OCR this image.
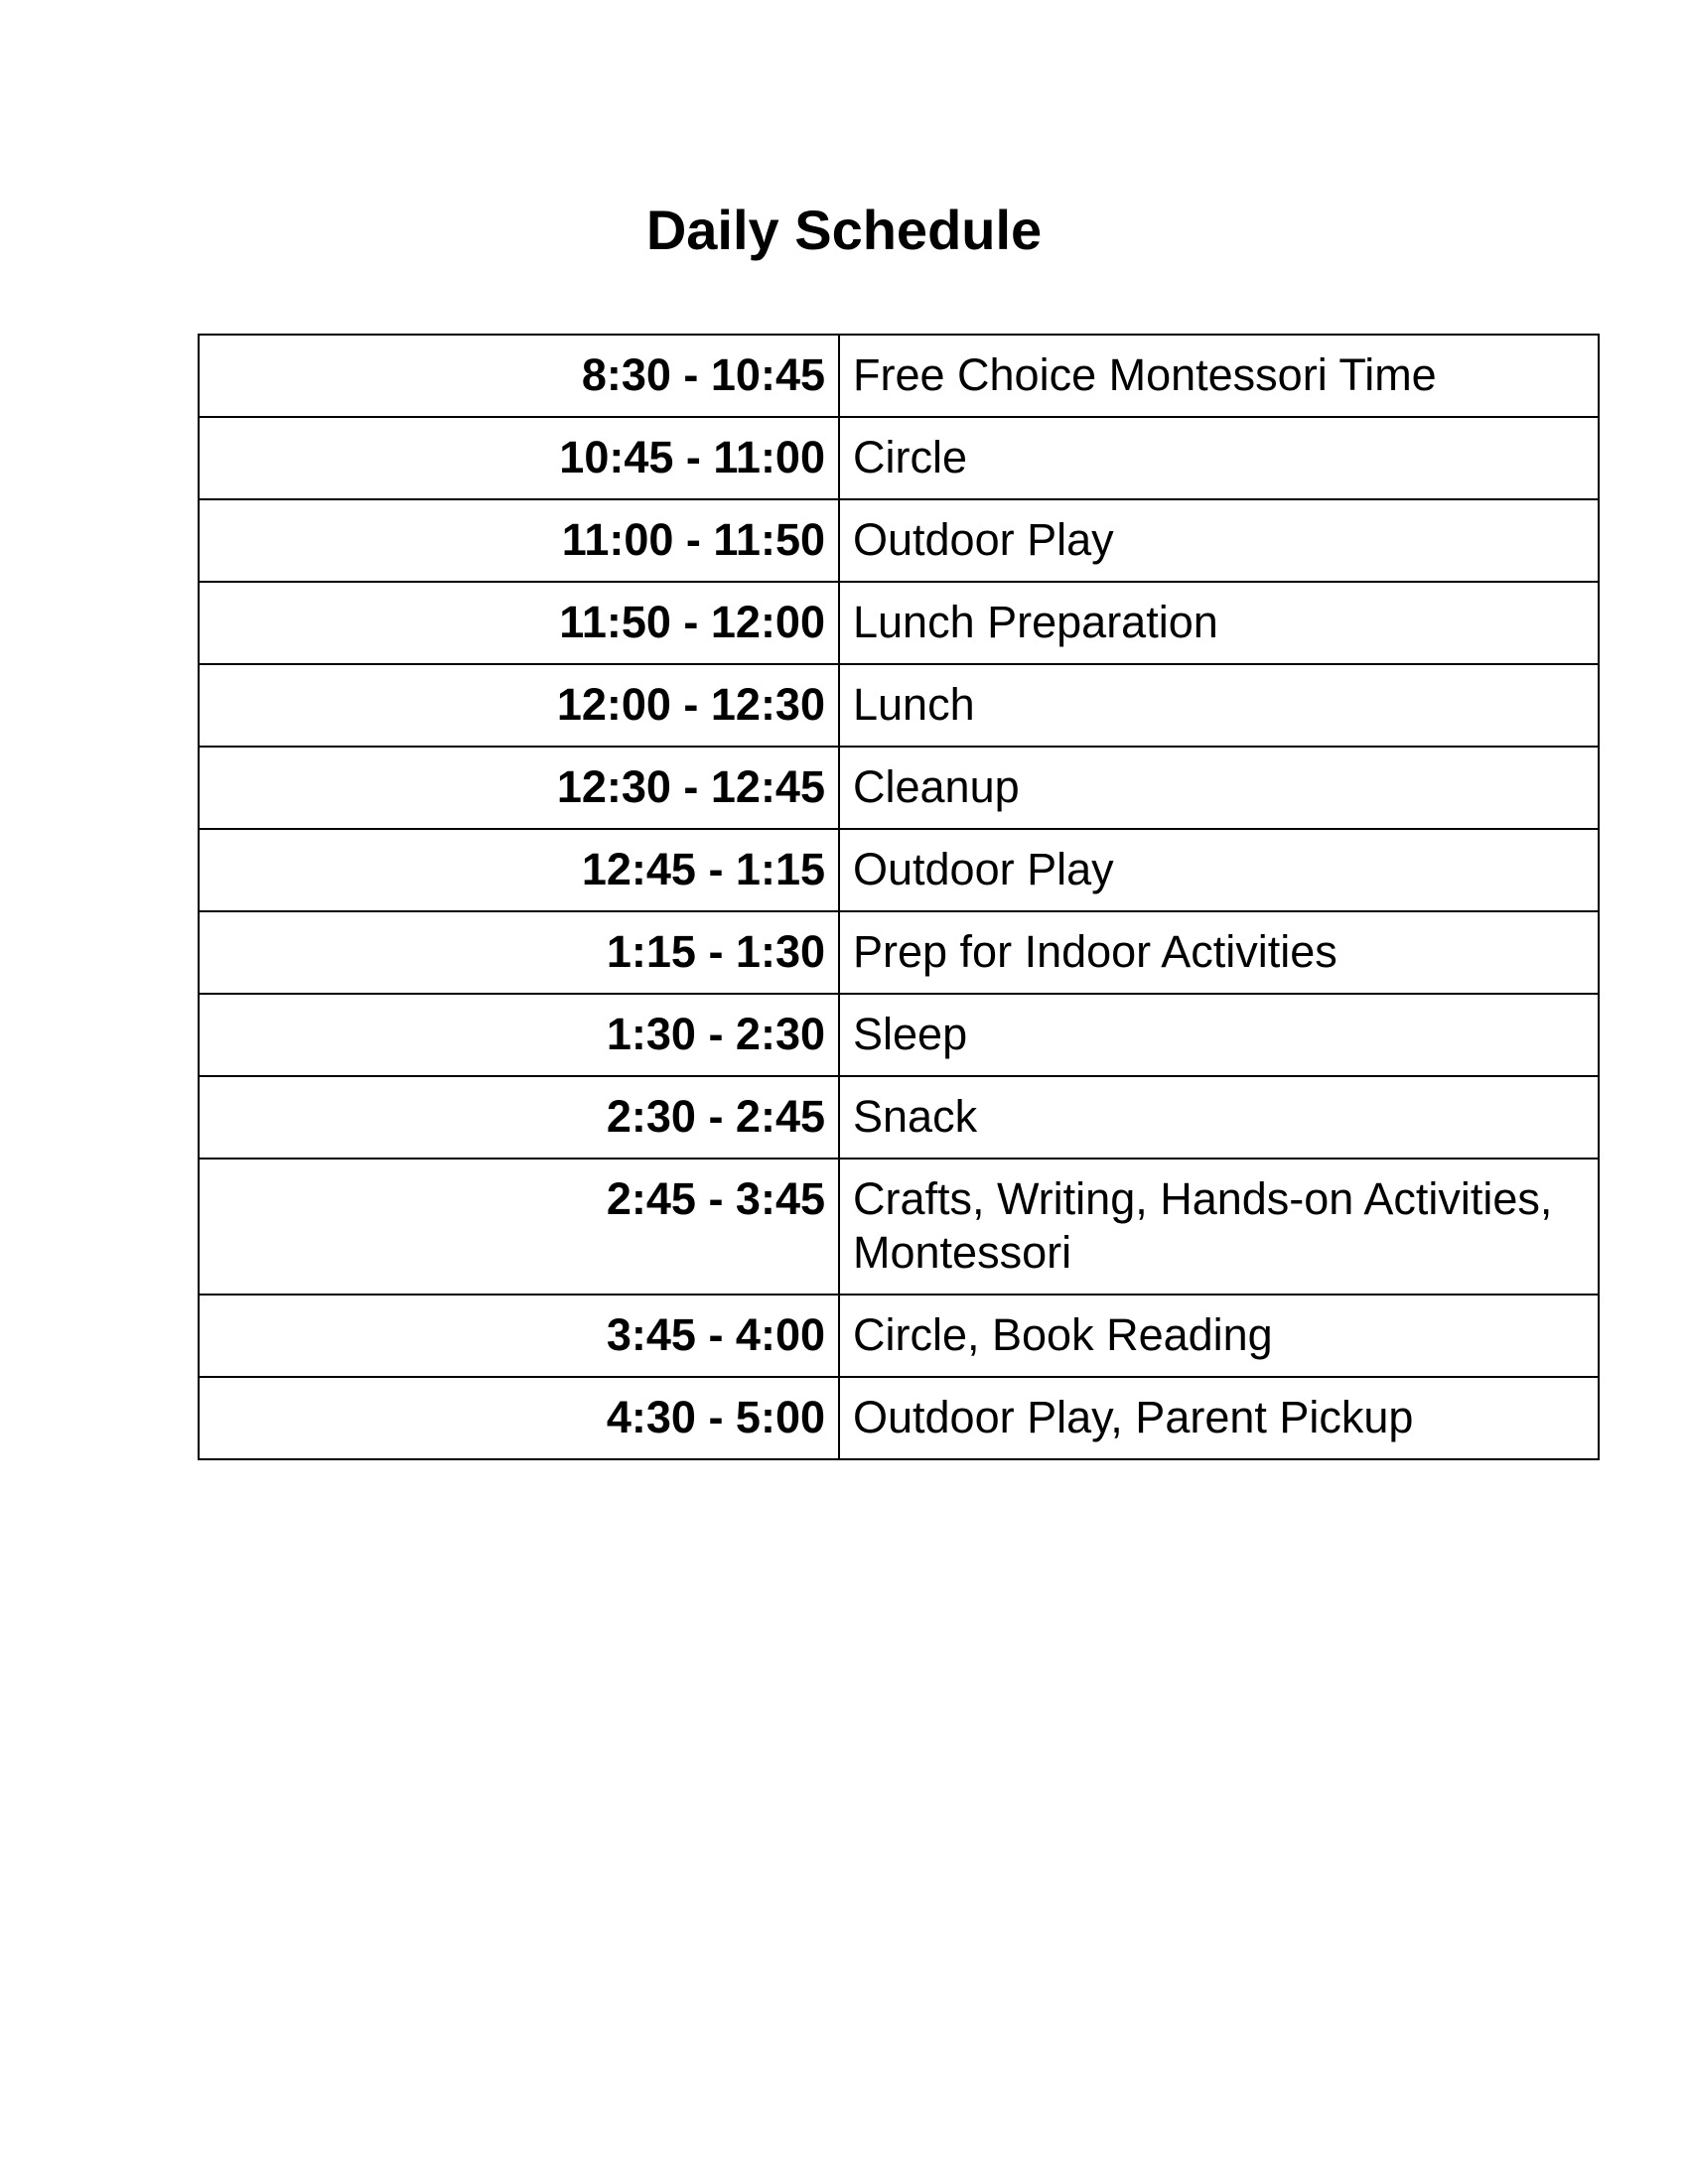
Daily Schedule
8:30 - 10:45	Free Choice Montessori Time
10:45 - 11:00	Circle
11:00 - 11:50	Outdoor Play
11:50 - 12:00	Lunch Preparation
12:00 - 12:30	Lunch
12:30 - 12:45	Cleanup
12:45 - 1:15	Outdoor Play
1:15 - 1:30	Prep for Indoor Activities
1:30 - 2:30	Sleep
2:30 - 2:45	Snack
2:45 - 3:45	Crafts, Writing, Hands-on Activities, Montessori
3:45 - 4:00	Circle, Book Reading
4:30 - 5:00	Outdoor Play, Parent Pickup
